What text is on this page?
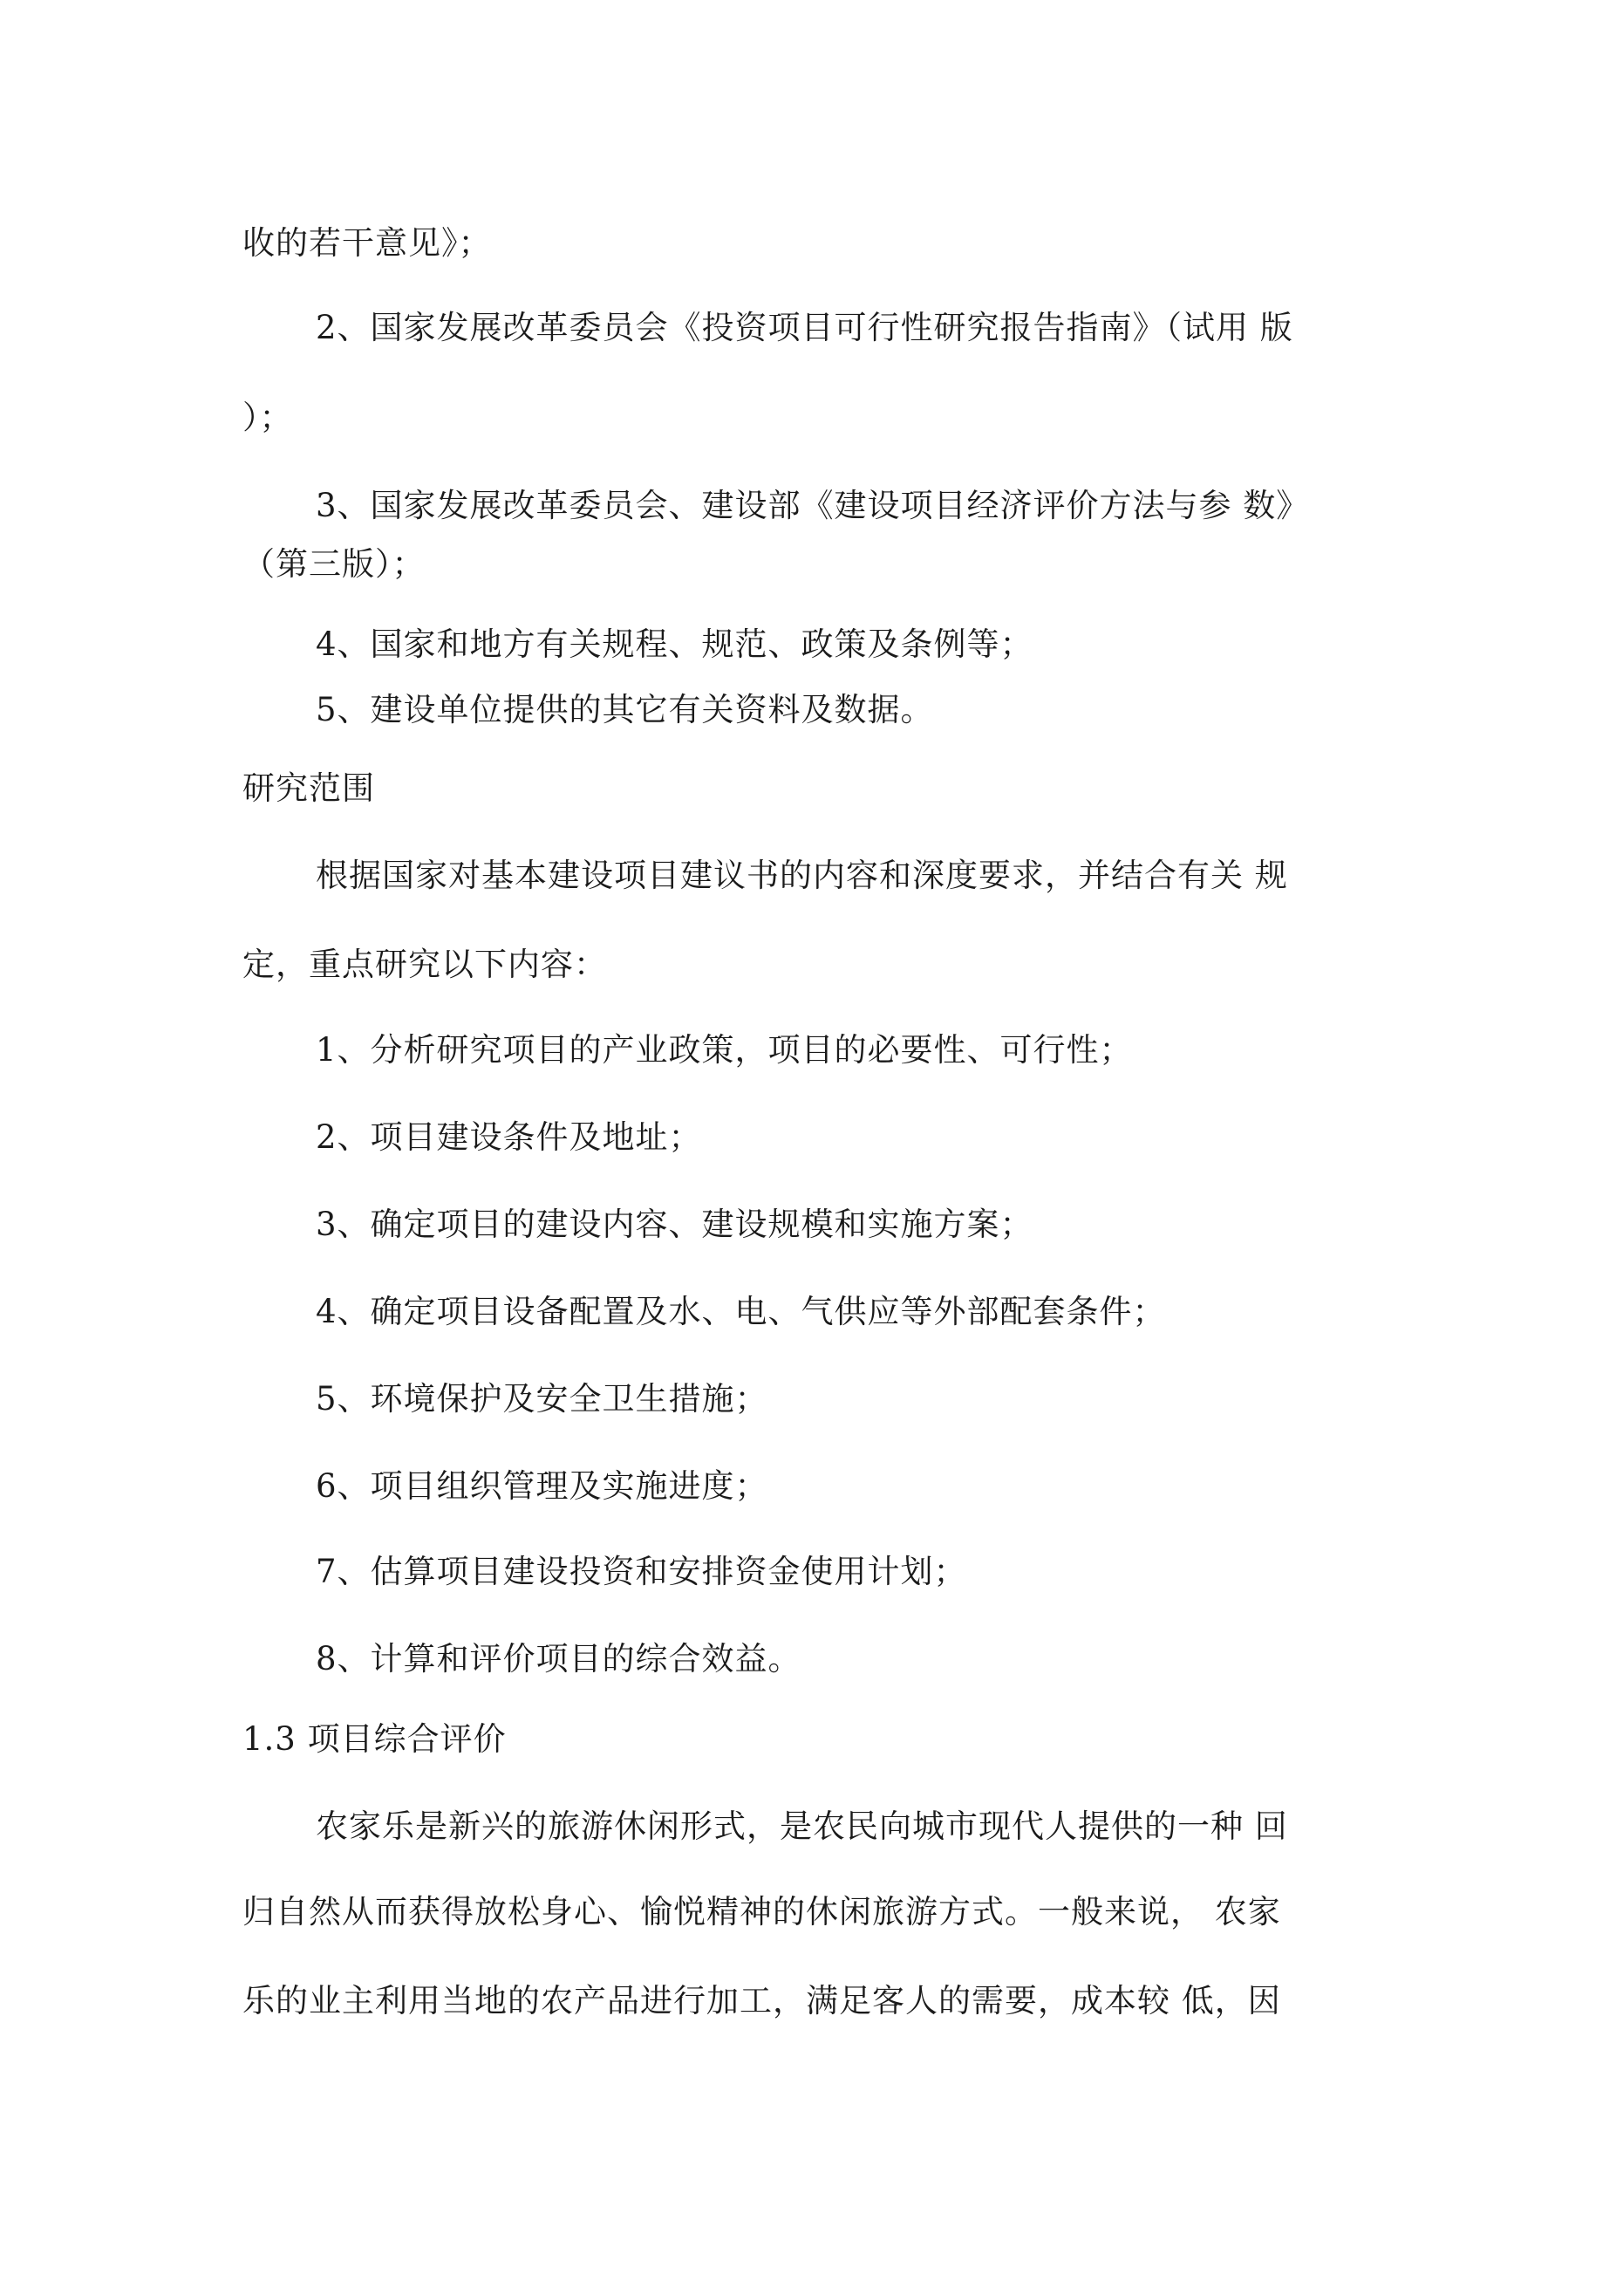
收的若干意见》；
2、国家发展改革委员会《投资项目可行性研究报告指南》（试用 版
）；
3、国家发展改革委员会、建设部《建设项目经济评价方法与参 数》
（第三版）；
4、国家和地方有关规程、规范、政策及条例等；
5、建设单位提供的其它有关资料及数据。
研究范围
根据国家对基本建设项目建议书的内容和深度要求，并结合有关 规
定，重点研究以下内容：
1、分析研究项目的产业政策，项目的必要性、可行性；
2、项目建设条件及地址；
3、确定项目的建设内容、建设规模和实施方案；
4、确定项目设备配置及水、电、气供应等外部配套条件；
5、环境保护及安全卫生措施；
6、项目组织管理及实施进度；
7、估算项目建设投资和安排资金使用计划；
8、计算和评价项目的综合效益。
1.3 项目综合评价
农家乐是新兴的旅游休闲形式，是农民向城市现代人提供的一种 回
归自然从而获得放松身心、愉悦精神的休闲旅游方式。一般来说， 农家
乐的业主利用当地的农产品进行加工，满足客人的需要，成本较 低，因
